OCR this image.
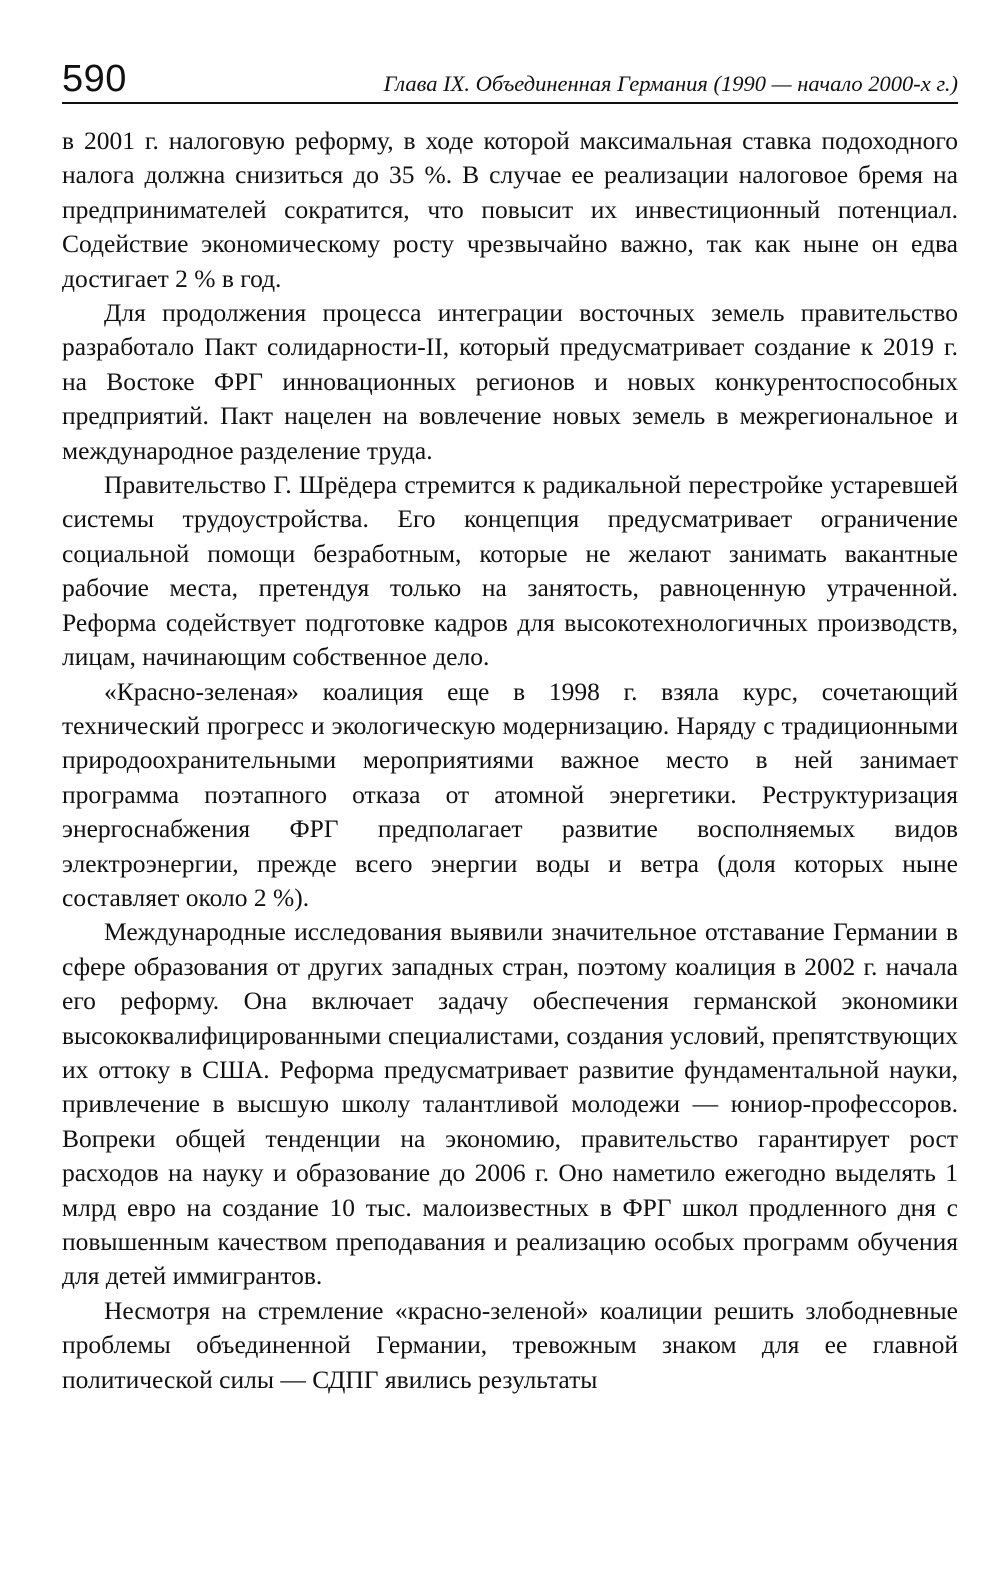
590	Глава IX. Объединенная Германия (1990 — начало 2000-х г.)

в 2001 г. налоговую реформу, в ходе которой максимальная ставка подоходного налога должна снизиться до 35 %. В случае ее реализации налоговое бремя на предпринимателей сократится, что повысит их инвестиционный потенциал. Содействие экономическому росту чрезвычайно важно, так как ныне он едва достигает 2 % в год.

Для продолжения процесса интеграции восточных земель правительство разработало Пакт солидарности-II, который предусматривает создание к 2019 г. на Востоке ФРГ инновационных регионов и новых конкурентоспособных предприятий. Пакт нацелен на вовлечение новых земель в межрегиональное и международное разделение труда.

Правительство Г. Шрёдера стремится к радикальной перестройке устаревшей системы трудоустройства. Его концепция предусматривает ограничение социальной помощи безработным, которые не желают занимать вакантные рабочие места, претендуя только на занятость, равноценную утраченной. Реформа содействует подготовке кадров для высокотехнологичных производств, лицам, начинающим собственное дело.

«Красно-зеленая» коалиция еще в 1998 г. взяла курс, сочетающий технический прогресс и экологическую модернизацию. Наряду с традиционными природоохранительными мероприятиями важное место в ней занимает программа поэтапного отказа от атомной энергетики. Реструктуризация энергоснабжения ФРГ предполагает развитие восполняемых видов электроэнергии, прежде всего энергии воды и ветра (доля которых ныне составляет около 2 %).

Международные исследования выявили значительное отставание Германии в сфере образования от других западных стран, поэтому коалиция в 2002 г. начала его реформу. Она включает задачу обеспечения германской экономики высококвалифицированными специалистами, создания условий, препятствующих их оттоку в США. Реформа предусматривает развитие фундаментальной науки, привлечение в высшую школу талантливой молодежи — юниор-профессоров. Вопреки общей тенденции на экономию, правительство гарантирует рост расходов на науку и образование до 2006 г. Оно наметило ежегодно выделять 1 млрд евро на создание 10 тыс. малоизвестных в ФРГ школ продленного дня с повышенным качеством преподавания и реализацию особых программ обучения для детей иммигрантов.

Несмотря на стремление «красно-зеленой» коалиции решить злободневные проблемы объединенной Германии, тревожным знаком для ее главной политической силы — СДПГ явились результаты
